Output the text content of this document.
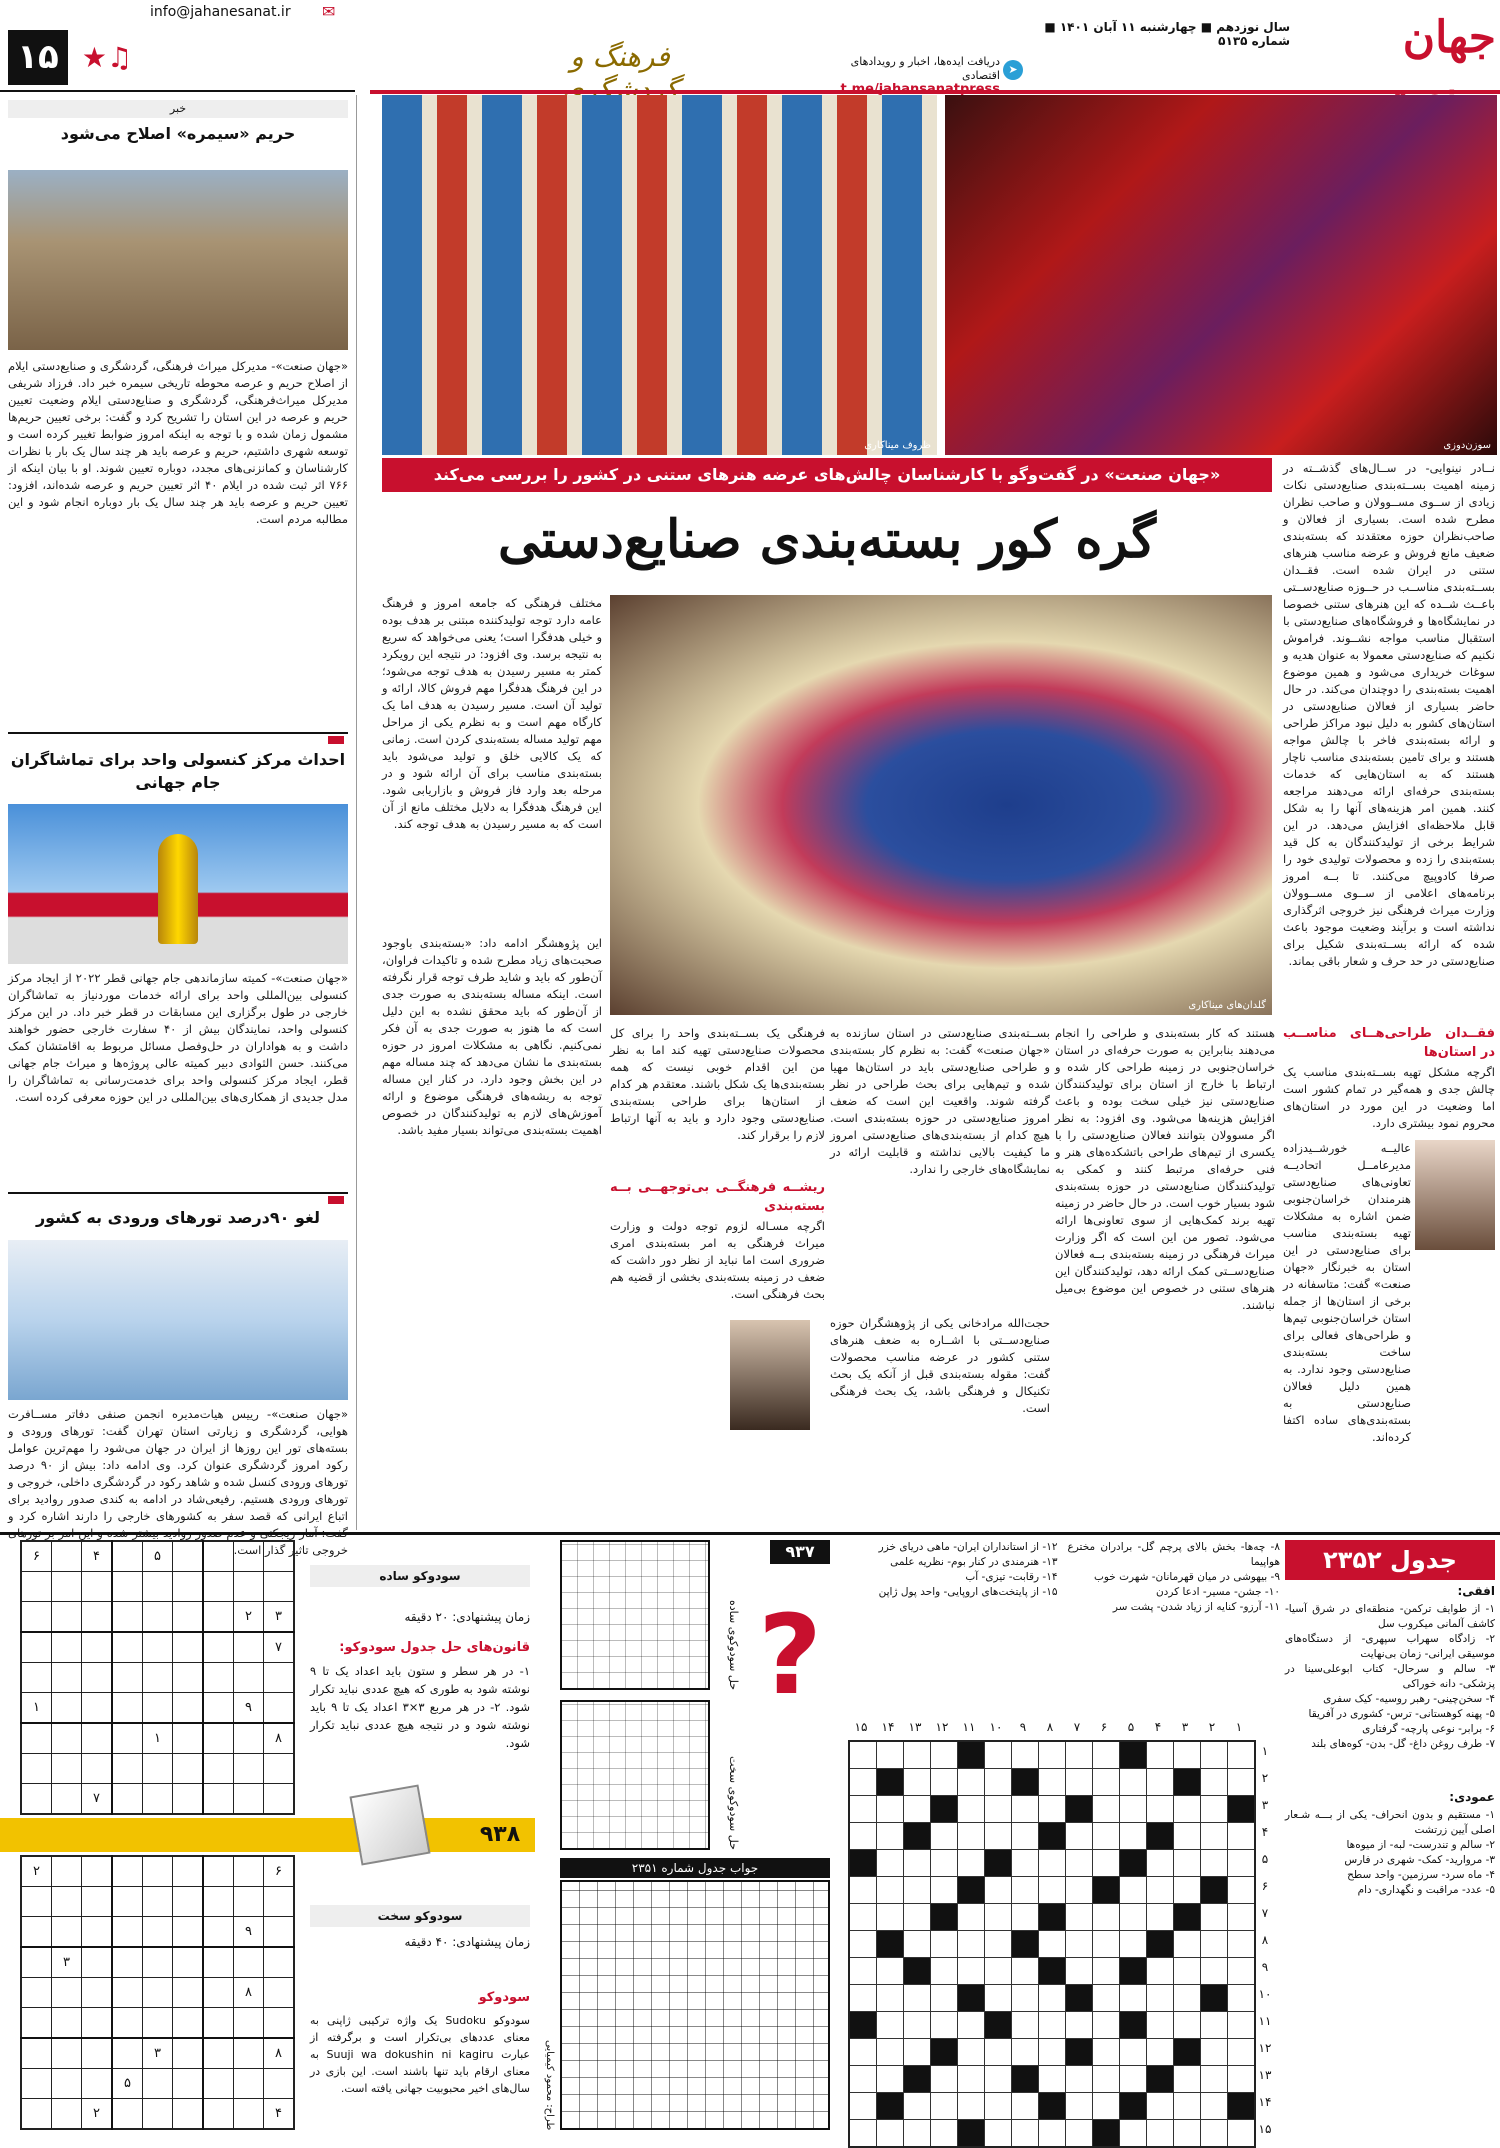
۱۵ ★♫
info@jahanesanat.ir	✉
فرهنگ و	دریافت ایده‌ها، اخبار و رویدادهای اقتصادی ➤
سال نوزدهم ■ چهارشنبه ۱۱ آبان ۱۴۰۱ ■ شماره ۵۱۳۵	جهان
خبر
حریم «سیمره» اصلاح می‌شود
«جهان صنعت»- مدیرکل میراث فرهنگی، گردشگری و صنایع‌دستی ایلام از اصلاح حریم و عرصه محوطه تاریخی سیمره خبر داد. فرزاد شریفی مدیرکل میراث‌فرهنگی، گردشگری و صنایع‌دستی ایلام وضعیت تعیین حریم و عرصه در این استان را تشریح کرد و گفت: برخی تعیین حریم‌ها مشمول زمان شده و با توجه به اینکه امروز ضوابط تغییر کرده است و توسعه شهری داشتیم، حریم و عرصه باید هر چند سال یک بار با نظرات کارشناسان و کمانزنی‌های مجدد، دوباره تعیین شوند. او با بیان اینکه از ۷۶۶ اثر ثبت شده در ایلام ۴۰ اثر تعیین حریم و عرصه شده‌اند، افزود: تعیین حریم و عرصه باید هر چند سال یک بار دوباره انجام شود و این مطالبه مردم است.
احداث مرکز کنسولی واحد برای تماشاگران جام جهانی
«جهان صنعت»- کمیته سازماندهی جام جهانی قطر ۲۰۲۲ از ایجاد مرکز کنسولی بین‌المللی واحد برای ارائه خدمات موردنیاز به تماشاگران خارجی در طول برگزاری این مسابقات در قطر خبر داد. در این مرکز کنسولی واحد، نمایندگان بیش از ۴۰ سفارت خارجی حضور خواهند داشت و به هواداران در حل‌وفصل مسائل مربوط به اقامتشان کمک می‌کنند. حسن الثوادی دبیر کمیته عالی پروژه‌ها و میراث جام جهانی قطر، ایجاد مرکز کنسولی واحد برای خدمت‌رسانی به تماشاگران را مدل جدیدی از همکاری‌های بین‌المللی در این حوزه معرفی کرده است.
لغو ۹۰درصد تورهای ورودی به کشور
«جهان صنعت»- رییس هیات‌مدیره انجمن صنفی دفاتر مســافرت هوایی، گردشگری و زیارتی استان تهران گفت: تورهای ورودی و بسته‌های تور این روزها از ایران در جهان می‌شود را مهم‌ترین عوامل رکود امروز گردشگری عنوان کرد. وی ادامه داد: بیش از ۹۰ درصد تورهای ورودی کنسل شده و شاهد رکود در گردشگری داخلی، خروجی و تورهای ورودی هستیم. رفیعی‌شاد در ادامه به کندی صدور روادید برای اتباع ایرانی که قصد سفر به کشورهای خارجی را دارند اشاره کرد و خروجی تاثیر گذار است.
ظروف میناکاری	سوزن‌دوزی
«جهان صنعت» در گفت‌وگو با کارشناسان چالش‌های عرضه هنرهای ستنی در کشور را بررسی می‌کند
گره کور بسته‌بندی صنایع‌دستی
نــادر نینوایی- در ســال‌های گذشــته در زمینه اهمیت بســته‌بندی صنایع‌دستی نکات زیادی از ســوی مســوولان و صاحب نظران مطرح شده است. بسیاری از فعالان و صاحب‌نظران حوزه معتقدند که بسته‌بندی ضعیف مانع فروش و عرضه مناسب هنرهای ستنی در ایران شده است. فقــدان بســته‌بندی مناســب در حــوزه صنایع‌دســتی باعــث شــده که این هنرهای ستنی خصوصا در نمایشگاه‌ها و فروشگاه‌های صنایع‌دستی با استقبال مناسب مواجه نشــوند. فراموش نکنیم که صنایع‌دستی معمولا به عنوان هدیه و سوغات خریداری می‌شود و همین موضوع اهمیت بسته‌بندی را دوچندان می‌کند. در حال حاضر بسیاری از فعالان صنایع‌دستی در استان‌های کشور به دلیل نبود مراکز طراحی و ارائه بسته‌بندی فاخر با چالش مواجه هستند و برای تامین بسته‌بندی مناسب ناچار هستند که به استان‌هایی که خدمات بسته‌بندی حرفه‌ای ارائه می‌دهند مراجعه کنند. همین امر هزینه‌های آنها را به شکل قابل ملاحظه‌ای افزایش می‌دهد. در این شرایط برخی از تولیدکنندگان به کل قید بسته‌بندی را زده و محصولات تولیدی خود را صرفا کادوپیچ می‌کنند. تا بــه امروز برنامه‌های اعلامی از ســوی مســوولان وزارت میراث فرهنگی نیز خروجی اثرگذاری نداشته است و برآیند وضعیت موجود باعث شده که ارائه بســته‌بندی شکیل برای صنایع‌دستی در حد حرف و شعار باقی بماند.
فقــدان طراحی‌هــای مناســب در استان‌ها
اگرچه مشکل تهیه بســته‌بندی مناسب یک چالش جدی و همه‌گیر در تمام کشور است اما وضعیت در این مورد در استان‌های محروم نمود بیشتری دارد.
عالیــه خورشــیدزاده مدیرعامــل اتحادیــه تعاونی‌های صنایع‌دستی هنرمندان خراسان‌جنوبی ضمن اشاره به مشکلات تهیه بسته‌بندی مناسب برای صنایع‌دستی در این استان به خبرنگار «جهان صنعت» گفت: متاسفانه در برخی از استان‌ها از جمله استان خراسان‌جنوبی تیم‌ها و طراحی‌های فعالی برای ساخت بسته‌بندی صنایع‌دستی وجود ندارد. به همین دلیل فعالان صنایع‌دستی به بسته‌بندی‌های ساده اکتفا کرده‌اند.
گلدان‌های میناکاری
مختلف فرهنگی که جامعه امروز و فرهنگ عامه دارد توجه تولیدکننده مبتنی بر هدف بوده و خیلی هدفگرا است؛ یعنی می‌خواهد که سریع به نتیجه برسد. وی افزود: در نتیجه این رویکرد کمتر به مسیر رسیدن به هدف توجه می‌شود؛ در این فرهنگ هدفگرا مهم فروش کالا، ارائه و تولید آن است. مسیر رسیدن به هدف اما یک کارگاه مهم است و به نظرم یکی از مراحل مهم تولید مساله بسته‌بندی کردن است. زمانی که یک کالایی خلق و تولید می‌شود باید بسته‌بندی مناسب برای آن ارائه شود و در مرحله بعد وارد فاز فروش و بازاریابی شود. این فرهنگ هدفگرا به دلایل مختلف مانع از آن است که به مسیر رسیدن به هدف توجه کند.
این پژوهشگر ادامه داد: «بسته‌بندی باوجود صحبت‌های زیاد مطرح شده و تاکیدات فراوان، آن‌طور که باید و شاید طرف توجه قرار نگرفته است. اینکه مساله بسته‌بندی به صورت جدی از آن‌طور که باید محقق نشده به این دلیل است که ما هنوز به صورت جدی به آن فکر نمی‌کنیم. نگاهی به مشکلات امروز در حوزه بسته‌بندی ما نشان می‌دهد که چند مساله مهم در این بخش وجود دارد. در کنار این مساله توجه به ریشه‌های فرهنگی موضوع و ارائه آموزش‌های لازم به تولیدکنندگان در خصوص اهمیت بسته‌بندی می‌تواند بسیار مفید باشد.
هستند که کار بسته‌بندی و طراحی را انجام می‌دهند بنابراین به صورت حرفه‌ای در استان خراسان‌جنوبی در زمینه طراحی کار شده و ارتباط با خارج از استان برای تولیدکنندگان صنایع‌دستی نیز خیلی سخت بوده و باعث افزایش هزینه‌ها می‌شود. وی افزود: به نظر اگر مسوولان بتوانند فعالان صنایع‌دستی را با یکسری از تیم‌های طراحی باتشکده‌های هنر و فنی حرفه‌ای مرتبط کنند و کمکی به تولیدکنندگان صنایع‌دستی در حوزه بسته‌بندی شود بسیار خوب است. در حال حاضر در زمینه تهیه برند کمک‌هایی از سوی تعاونی‌ها ارائه می‌شود. تصور من این است که اگر وزارت میراث فرهنگی در زمینه بسته‌بندی بــه فعالان صنایع‌دســتی کمک ارائه دهد، تولیدکنندگان این هنرهای ستنی در خصوص این موضوع بی‌میل نباشند.
بســته‌بندی صنایع‌دستی در استان سازنده به «جهان صنعت» گفت: به نظرم کار بسته‌بندی و طراحی صنایع‌دستی باید در استان‌ها مهیا شده و تیم‌هایی برای بحث طراحی در نظر گرفته شوند. واقعیت این است که ضعف امروز صنایع‌دستی در حوزه بسته‌بندی است. هیچ کدام از بسته‌بندی‌های صنایع‌دستی امروز ما کیفیت بالایی نداشته و قابلیت ارائه در نمایشگاه‌های خارجی را ندارد.
حجت‌الله مرادخانی یکی از پژوهشگران حوزه صنایع‌دســتی با اشــاره به ضعف هنرهای ستنی کشور در عرضه مناسب محصولات گفت: مقوله بسته‌بندی قبل از آنکه یک بحث تکنیکال و فرهنگی باشد، یک بحث فرهنگی است.
فرهنگی یک بســته‌بندی واحد را برای کل محصولات صنایع‌دستی تهیه کند اما به نظر من این اقدام خوبی نیست که همه بسته‌بندی‌ها یک شکل باشند. معتقدم هر کدام از استان‌ها برای طراحی بسته‌بندی صنایع‌دستی وجود دارد و باید به آنها ارتباط لازم را برقرار کند.
ریشــه فرهنگــی بی‌توجهــی بــه بسته‌بندی
اگرچه مسـاله لزوم توجه دولت و وزارت میراث فرهنگی به امر بسته‌بندی امری ضروری است اما نباید از نظر دور داشت که ضعف در زمینه بسته‌بندی بخشی از قضیه هم بحث فرهنگی است.
جدول ۲۳۵۲
افقی:
۱- از طوایف ترکمن- منطقه‌ای در شرق آسیا- کاشف آلمانی میکروب سل
۲- زادگاه سهراب سپهری- از دستگاه‌های موسیقی ایرانی- زمان بی‌نهایت
۳- سالم و سرحال- کتاب ابوعلی‌سینا در پزشکی- دانه خوراکی
۴- سخن‌چینی- رهبر روسیه- کیک سفری
۵- پهنه کوهستانی- ترس- کشوری در آفریقا
۶- برابر- نوعی پارچه- گرفتاری
۷- طرف روغن داغ- گل- بدن- کوه‌های بلند
عمودی:
۱- مستقیم و بدون انحراف- یکی از بـــه شـعار اصلی آیین زرتشت
۲- سالم و تندرست- لبه- از میوه‌ها
۳- مروارید- کمک- شهری در فارس
۴- ماه سرد- سرزمین- واحد سطح
۵- عدد- مراقبت و نگهداری- دام
۸- چه‌ها- بخش بالای پرچم گل- برادران مخترع هواپیما
۹- بیهوشی در میان قهرمانان- شهرت خوب
۱۰- جشن- مسیر- ادعا کردن
۱۱- آرزو- کنایه از زیاد شدن- پشت سر
۱۲- از استانداران ایران- ماهی دریای خزر
۱۳- هنرمندی در کنار بوم- نظریه علمی
۱۴- رقابت- تیزی- آب
۱۵- از پایتخت‌های اروپایی- واحد پول ژاپن
۱
۲
۳
۴
۵
۶
۷
۸
۹
۱۰
۱۱
۱۲
۱۳
۱۴
۱۵
۱
۲
۳
۴
۵
۶
۷
۸
۹
۱۰
۱۱
۱۲
۱۳
۱۴
۱۵

?
۹۳۷
حل سودوکوی ساده
حل سودوکوی سخت
جواب جدول شماره ۲۳۵۱
طراح: محمود کیمیایی
۶		۴		۵				

							۲	۳
								۷

۱							۹	
				۱				۸

		۷						
سودوکو ساده
زمان پیشنهادی: ۲۰ دقیقه
قانون‌های حل جدول سودوکو:
۱- در هر سطر و ستون باید اعداد یک تا ۹ نوشته شود به طوری که هیچ عددی نباید تکرار شود. ۲- در هر مربع ۳×۳ اعداد یک تا ۹ باید نوشته شود و در نتیجه هیچ عددی نباید تکرار شود.
۹۳۸
۲								۶

							۹	
	۳							
							۸	

				۳				۸
			۵					
		۲						۴
سودوکو سخت
زمان پیشنهادی: ۴۰ دقیقه
سودوکو
سودوکو Sudoku یک واژه ترکیبی ژاپنی به معنای عددهای بی‌تکرار است و برگرفته از عبارت Suuji wa dokushin ni kagiru به معنای ارقام باید تنها باشند است. این بازی در سال‌های اخیر محبوبیت جهانی یافته است.
